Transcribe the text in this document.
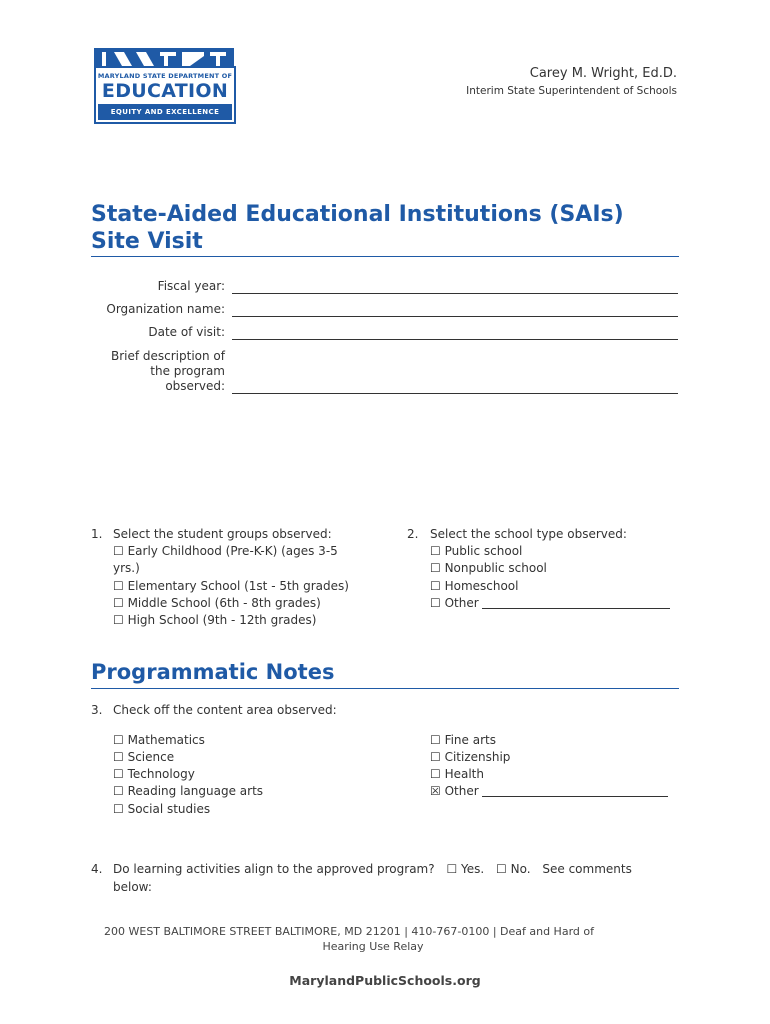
MARYLAND STATE DEPARTMENT OF
EDUCATION
EQUITY AND EXCELLENCE
Carey M. Wright, Ed.D.
Interim State Superintendent of Schools
State-Aided Educational Institutions (SAIs)
Site Visit
Fiscal year:
Organization name:
Date of visit:
Brief description of
the program
observed:
1. Select the student groups observed:
☐ Early Childhood (Pre-K-K) (ages 3-5
yrs.)
☐ Elementary School (1st - 5th grades)
☐ Middle School (6th - 8th grades)
☐ High School (9th - 12th grades)
2. Select the school type observed:
☐ Public school
☐ Nonpublic school
☐ Homeschool
☐ Other
Programmatic Notes
3. Check off the content area observed:
☐ Mathematics
☐ Science
☐ Technology
☐ Reading language arts
☐ Social studies
☐ Fine arts
☐ Citizenship
☐ Health
☒ Other
4. Do learning activities align to the approved program? ☐ Yes. ☐ No. See comments
below:
200 WEST BALTIMORE STREET BALTIMORE, MD 21201 | 410-767-0100 | Deaf and Hard of
Hearing Use Relay
MarylandPublicSchools.org
